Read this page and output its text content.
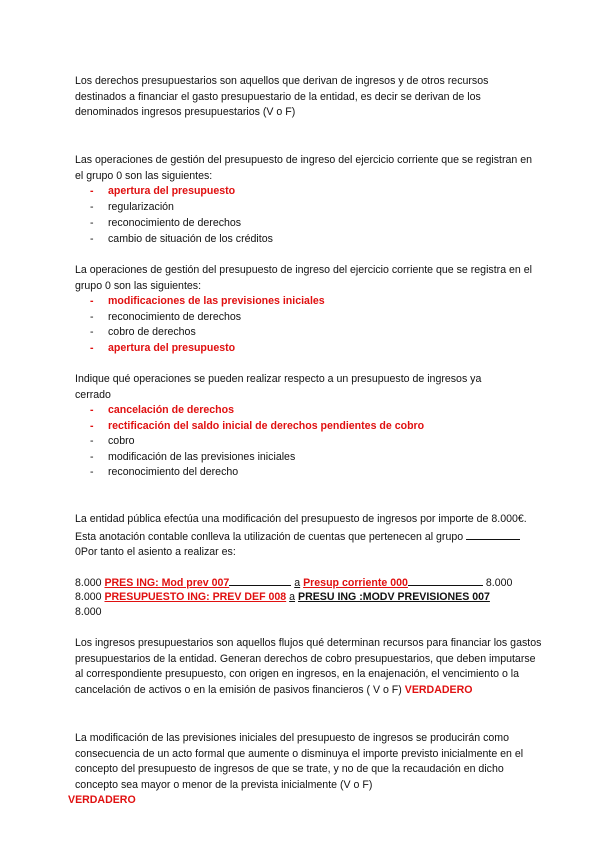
Los derechos presupuestarios son aquellos que derivan de ingresos y de otros recursos destinados a financiar el gasto presupuestario de la entidad, es decir se derivan de los denominados ingresos presupuestarios (V o F)
Las operaciones de gestión del presupuesto de ingreso del ejercicio corriente que se registran en el grupo 0 son las siguientes:
- apertura del presupuesto
- regularización
- reconocimiento de derechos
- cambio de situación de los créditos
La operaciones de gestión del presupuesto de ingreso del ejercicio corriente que se registra en el grupo 0 son las siguientes:
- modificaciones de las previsiones iniciales
- reconocimiento de derechos
- cobro de derechos
- apertura del presupuesto
Indique qué operaciones se pueden realizar respecto a un presupuesto de ingresos ya cerrado
- cancelación de derechos
- rectificación del saldo inicial de derechos pendientes de cobro
- cobro
- modificación de las previsiones iniciales
- reconocimiento del derecho
La entidad pública efectúa una modificación del presupuesto de ingresos por importe de 8.000€. Esta anotación contable conlleva la utilización de cuentas que pertenecen al grupo 0Por tanto el asiento a realizar es:
8.000 PRES ING: Mod prev 007	a Presup corriente 000	8.000
8.000 PRESUPUESTO ING: PREV DEF 008 a PRESU ING :MODV PREVISIONES 007
8.000
Los ingresos presupuestarios son aquellos flujos qué determinan recursos para financiar los gastos presupuestarios de la entidad. Generan derechos de cobro presupuestarios, que deben imputarse al correspondiente presupuesto, con origen en ingresos, en la enajenación, el vencimiento o la cancelación de activos o en la emisión de pasivos financieros ( V o F) VERDADERO
La modificación de las previsiones iniciales del presupuesto de ingresos se producirán como consecuencia de un acto formal que aumente o disminuya el importe previsto inicialmente en el concepto del presupuesto de ingresos de que se trate, y no de que la recaudación en dicho concepto sea mayor o menor de la prevista inicialmente (V o F)
VERDADERO
